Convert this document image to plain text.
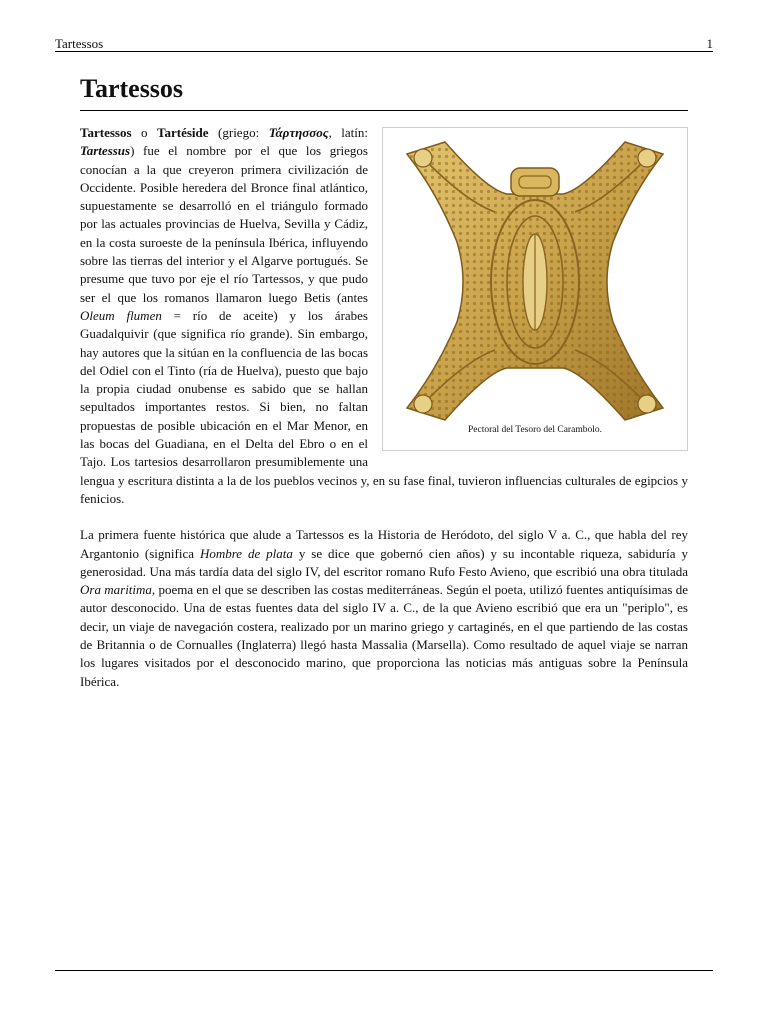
Tartessos	1
Tartessos
Pectoral del Tesoro del Carambolo.

Tartessos o Tartéside (griego: Τάρτησσος, latín: Tartessus) fue el nombre por el que los griegos conocían a la que creyeron primera civilización de Occidente. Posible heredera del Bronce final atlántico, supuestamente se desarrolló en el triángulo formado por las actuales provincias de Huelva, Sevilla y Cádiz, en la costa suroeste de la península Ibérica, influyendo sobre las tierras del interior y el Algarve portugués. Se presume que tuvo por eje el río Tartessos, y que pudo ser el que los romanos llamaron luego Betis (antes Oleum flumen = río de aceite) y los árabes Guadalquivir (que significa río grande). Sin embargo, hay autores que la sitúan en la confluencia de las bocas del Odiel con el Tinto (ría de Huelva), puesto que bajo la propia ciudad onubense es sabido que se hallan sepultados importantes restos. Si bien, no faltan propuestas de posible ubicación en el Mar Menor, en las bocas del Guadiana, en el Delta del Ebro o en el Tajo. Los tartesios desarrollaron presumiblemente una lengua y escritura distinta a la de los pueblos vecinos y, en su fase final, tuvieron influencias culturales de egipcios y fenicios.

La primera fuente histórica que alude a Tartessos es la Historia de Heródoto, del siglo V a. C., que habla del rey Argantonio (significa Hombre de plata y se dice que gobernó cien años) y su incontable riqueza, sabiduría y generosidad. Una más tardía data del siglo IV, del escritor romano Rufo Festo Avieno, que escribió una obra titulada Ora maritima, poema en el que se describen las costas mediterráneas. Según el poeta, utilizó fuentes antiquísimas de autor desconocido. Una de estas fuentes data del siglo IV a. C., de la que Avieno escribió que era un "periplo", es decir, un viaje de navegación costera, realizado por un marino griego y cartaginés, en el que partiendo de las costas de Britannia o de Cornualles (Inglaterra) llegó hasta Massalia (Marsella). Como resultado de aquel viaje se narran los lugares visitados por el desconocido marino, que proporciona las noticias más antiguas sobre la Península Ibérica.
